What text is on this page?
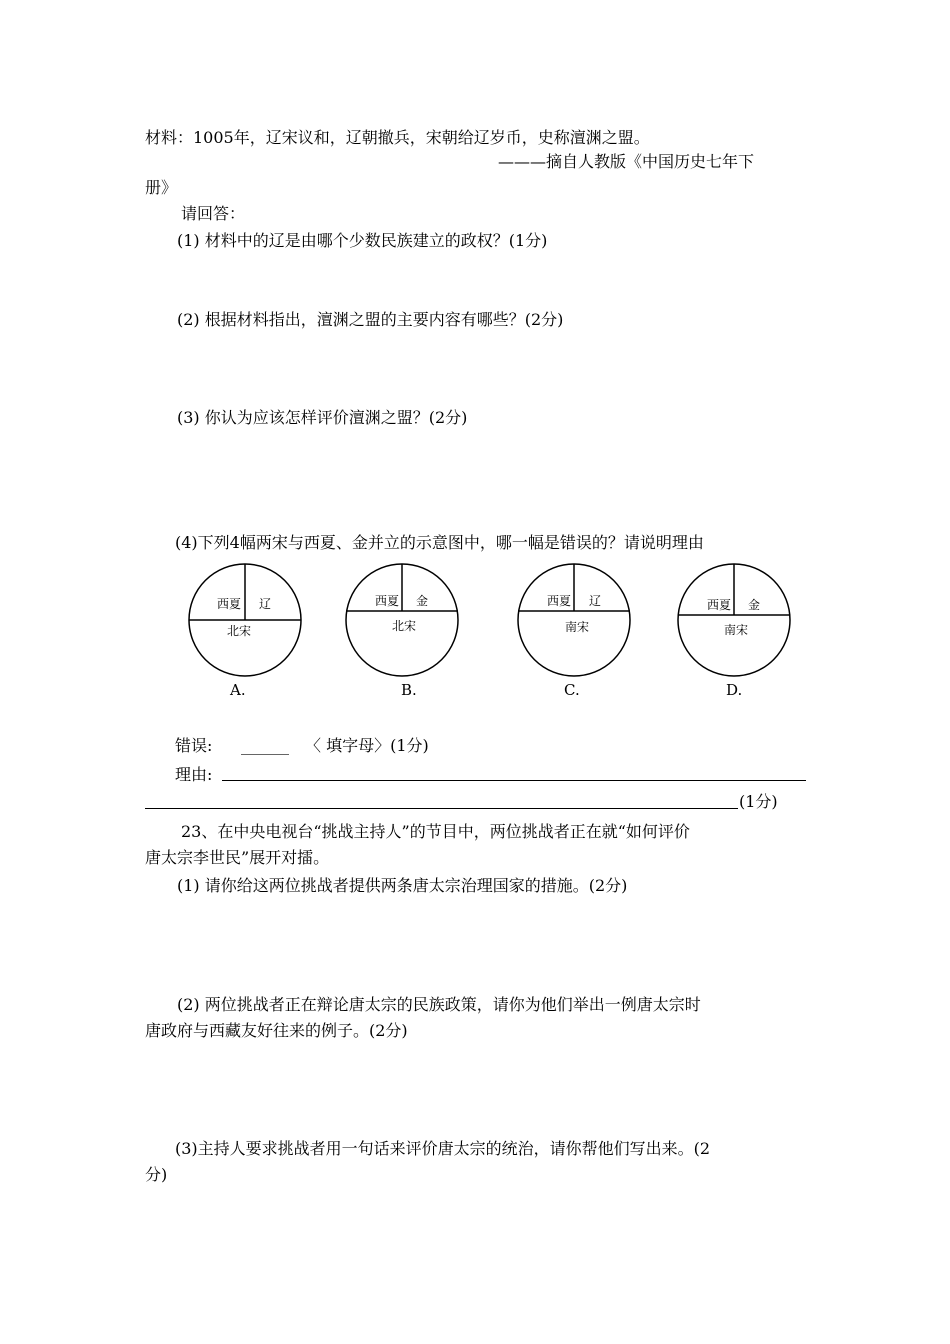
材料：1005年，辽宋议和，辽朝撤兵，宋朝给辽岁币，史称澶渊之盟。
———摘自人教版《中国历史七年下
册》
请回答：
(1) 材料中的辽是由哪个少数民族建立的政权？(1分)
(2) 根据材料指出，澶渊之盟的主要内容有哪些？(2分)
(3) 你认为应该怎样评价澶渊之盟？(2分)
(4)下列4幅两宋与西夏、金并立的示意图中，哪一幅是错误的？请说明理由
西夏 辽
北宋
A.
西夏 金
北宋
B.
西夏 辽
南宋
C.
西夏 金
南宋
D.
错误: ______ 〈 填字母〉(1分)
理由:
(1分)
23、在中央电视台“挑战主持人”的节目中，两位挑战者正在就“如何评价
唐太宗李世民”展开对擂。
(1) 请你给这两位挑战者提供两条唐太宗治理国家的措施。(2分)
(2) 两位挑战者正在辩论唐太宗的民族政策，请你为他们举出一例唐太宗时
唐政府与西藏友好往来的例子。(2分)
(3)主持人要求挑战者用一句话来评价唐太宗的统治，请你帮他们写出来。(2
分)
